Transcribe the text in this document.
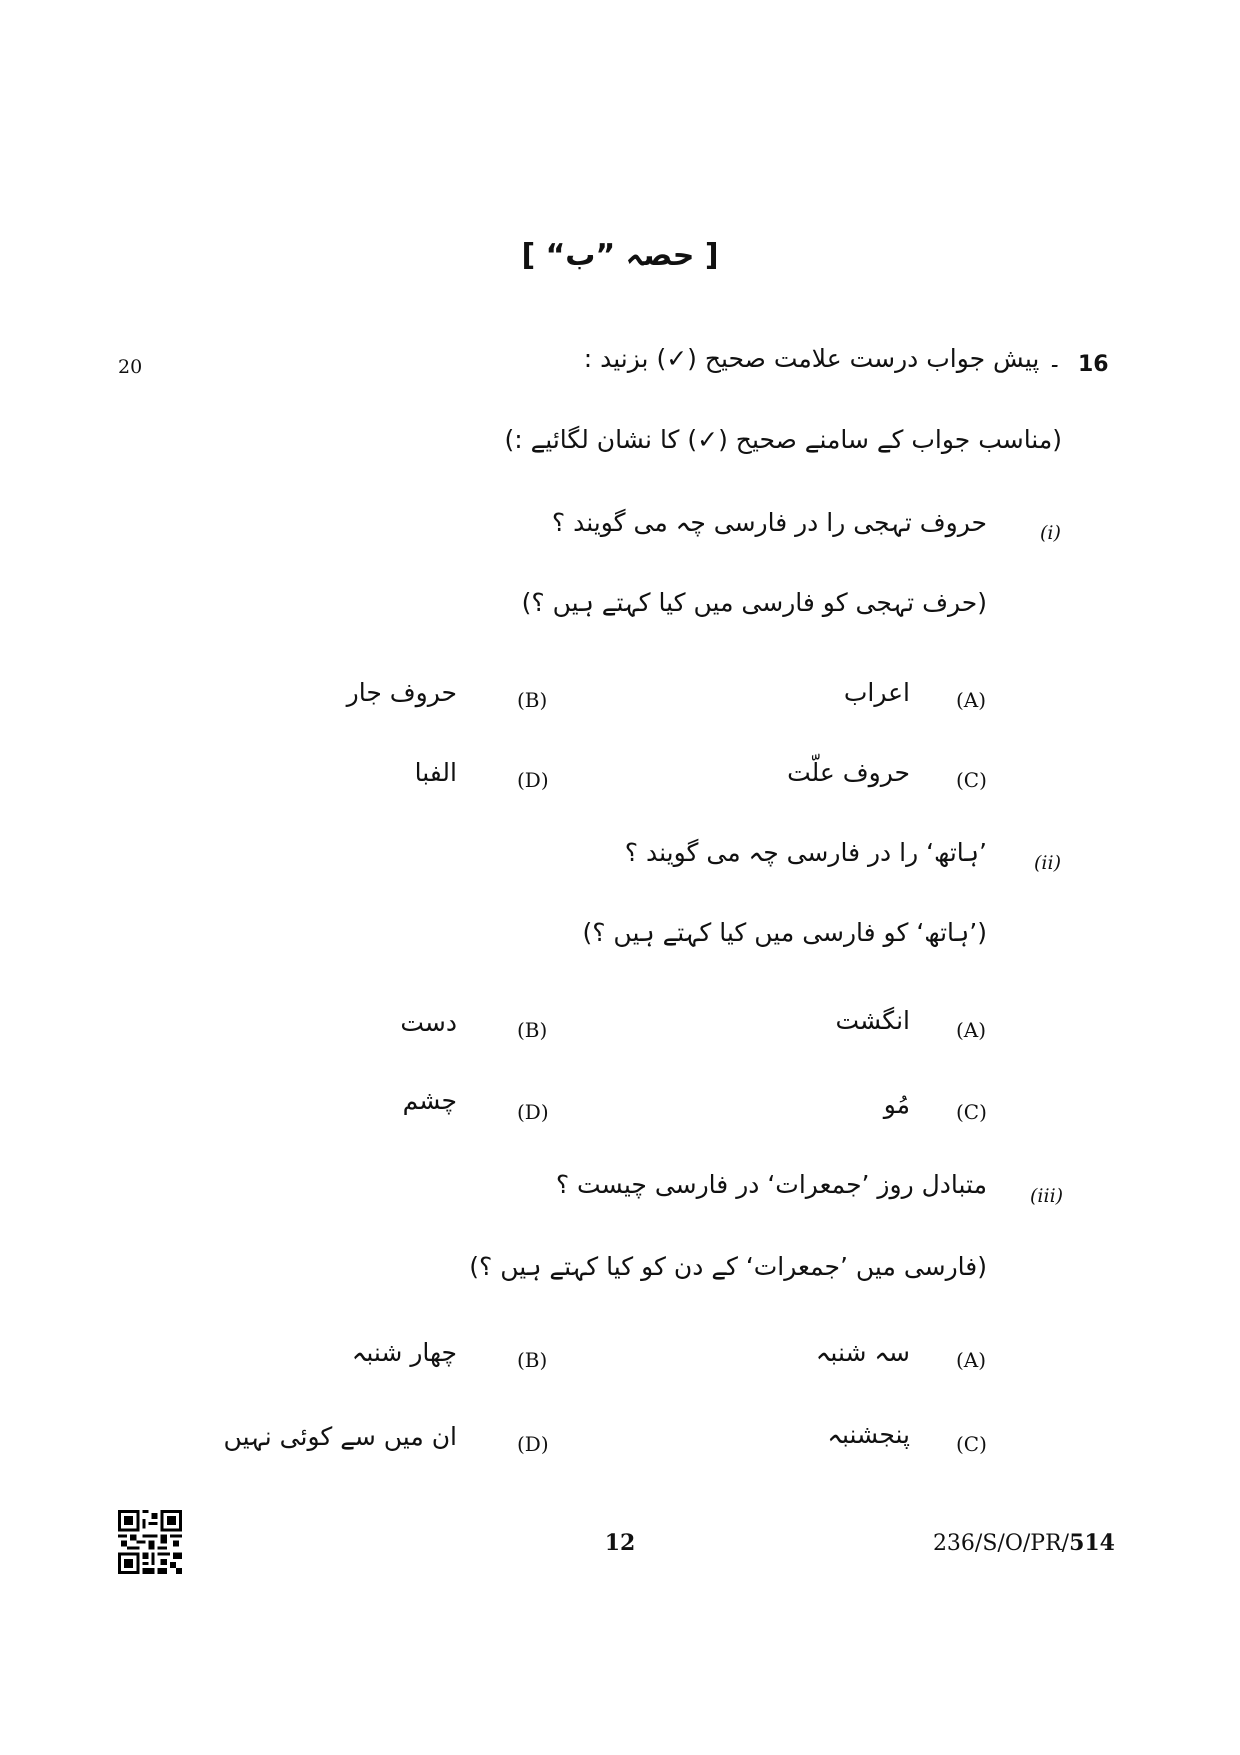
[ حصہ ”ب“ ]
20	16
۔ پیش جواب درست علامت صحیح (✓) بزنید :
(مناسب جواب کے سامنے صحیح (✓) کا نشان لگائیے :)
(i)
حروف تہجی را در فارسی چہ می گویند ؟
(حرف تہجی کو فارسی میں کیا کہتے ہیں ؟)
(A)
اعراب
(B)
حروف جار
(C)
حروف علّت
(D)
الفبا
(ii)
’ہاتھ‘ را در فارسی چہ می گویند ؟
(’ہاتھ‘ کو فارسی میں کیا کہتے ہیں ؟)
(A)
انگشت
(B)
دست
(C)
مُو
(D)
چشم
(iii)
متبادل روز ’جمعرات‘ در فارسی چیست ؟
(فارسی میں ’جمعرات‘ کے دن کو کیا کہتے ہیں ؟)
(A)
سہ شنبہ
(B)
چھار شنبہ
(C)
پنجشنبہ
(D)
ان میں سے کوئی نہیں
12	236/S/O/PR/514
